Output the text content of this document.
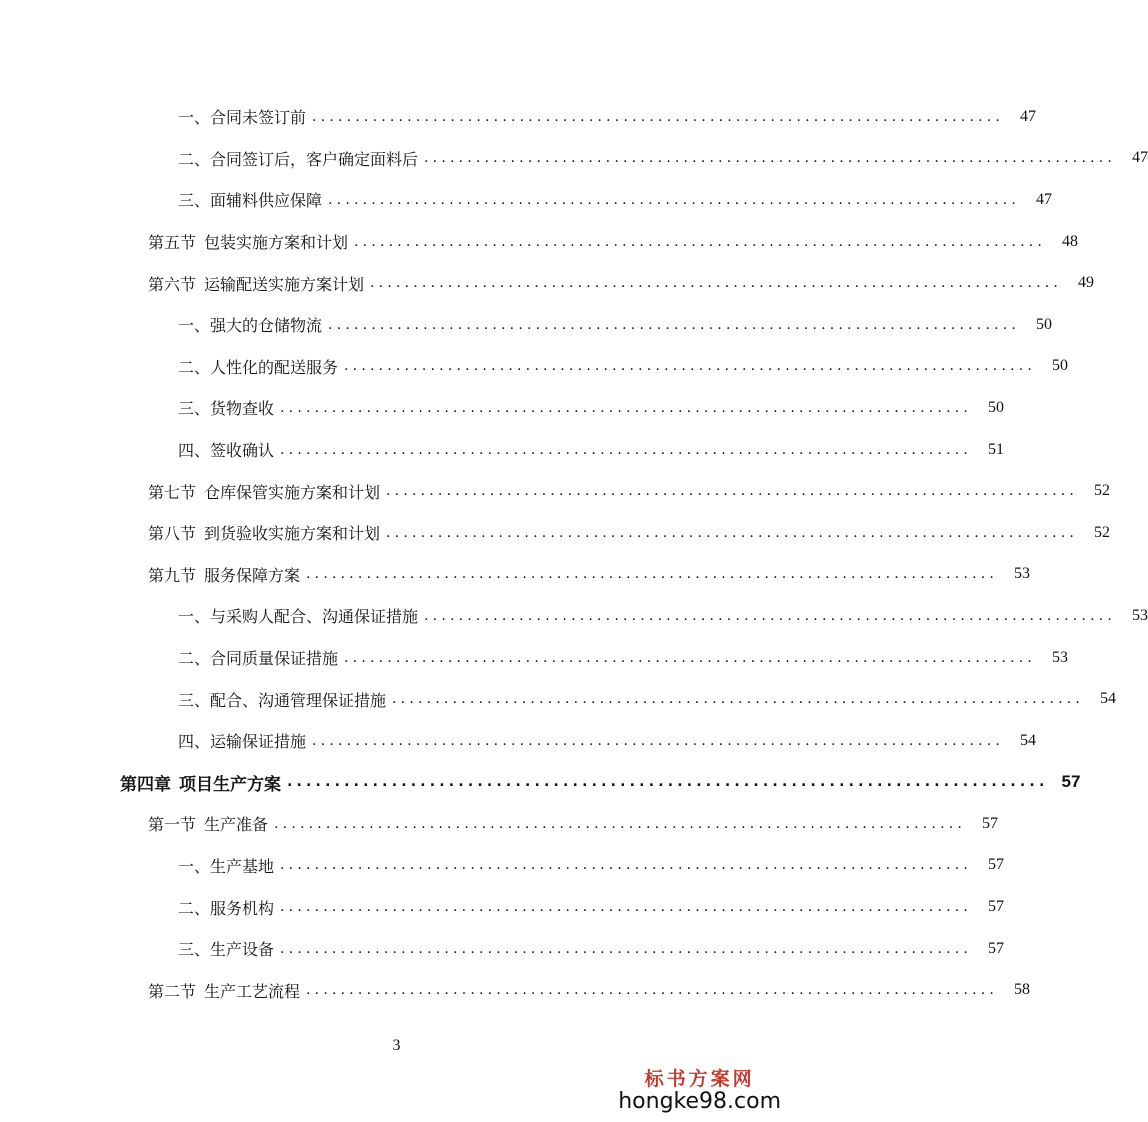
一、合同未签订前 ................................................................................	47
二、合同签订后，客户确定面料后 ................................................................................	47
三、面辅料供应保障 ................................................................................	47
第五节 包装实施方案和计划 ................................................................................	48
第六节 运输配送实施方案计划 ................................................................................	49
一、强大的仓储物流 ................................................................................	50
二、人性化的配送服务 ................................................................................	50
三、货物查收 ................................................................................	50
四、签收确认 ................................................................................	51
第七节 仓库保管实施方案和计划 ................................................................................	52
第八节 到货验收实施方案和计划 ................................................................................	52
第九节 服务保障方案 ................................................................................	53
一、与采购人配合、沟通保证措施 ................................................................................	53
二、合同质量保证措施 ................................................................................	53
三、配合、沟通管理保证措施 ................................................................................	54
四、运输保证措施 ................................................................................	54
第四章 项目生产方案 ................................................................................ 57
第一节 生产准备 ................................................................................	57
一、生产基地 ................................................................................	57
二、服务机构 ................................................................................	57
三、生产设备 ................................................................................	57
第二节 生产工艺流程 ................................................................................	58
3
标书方案网
hongke98.com
